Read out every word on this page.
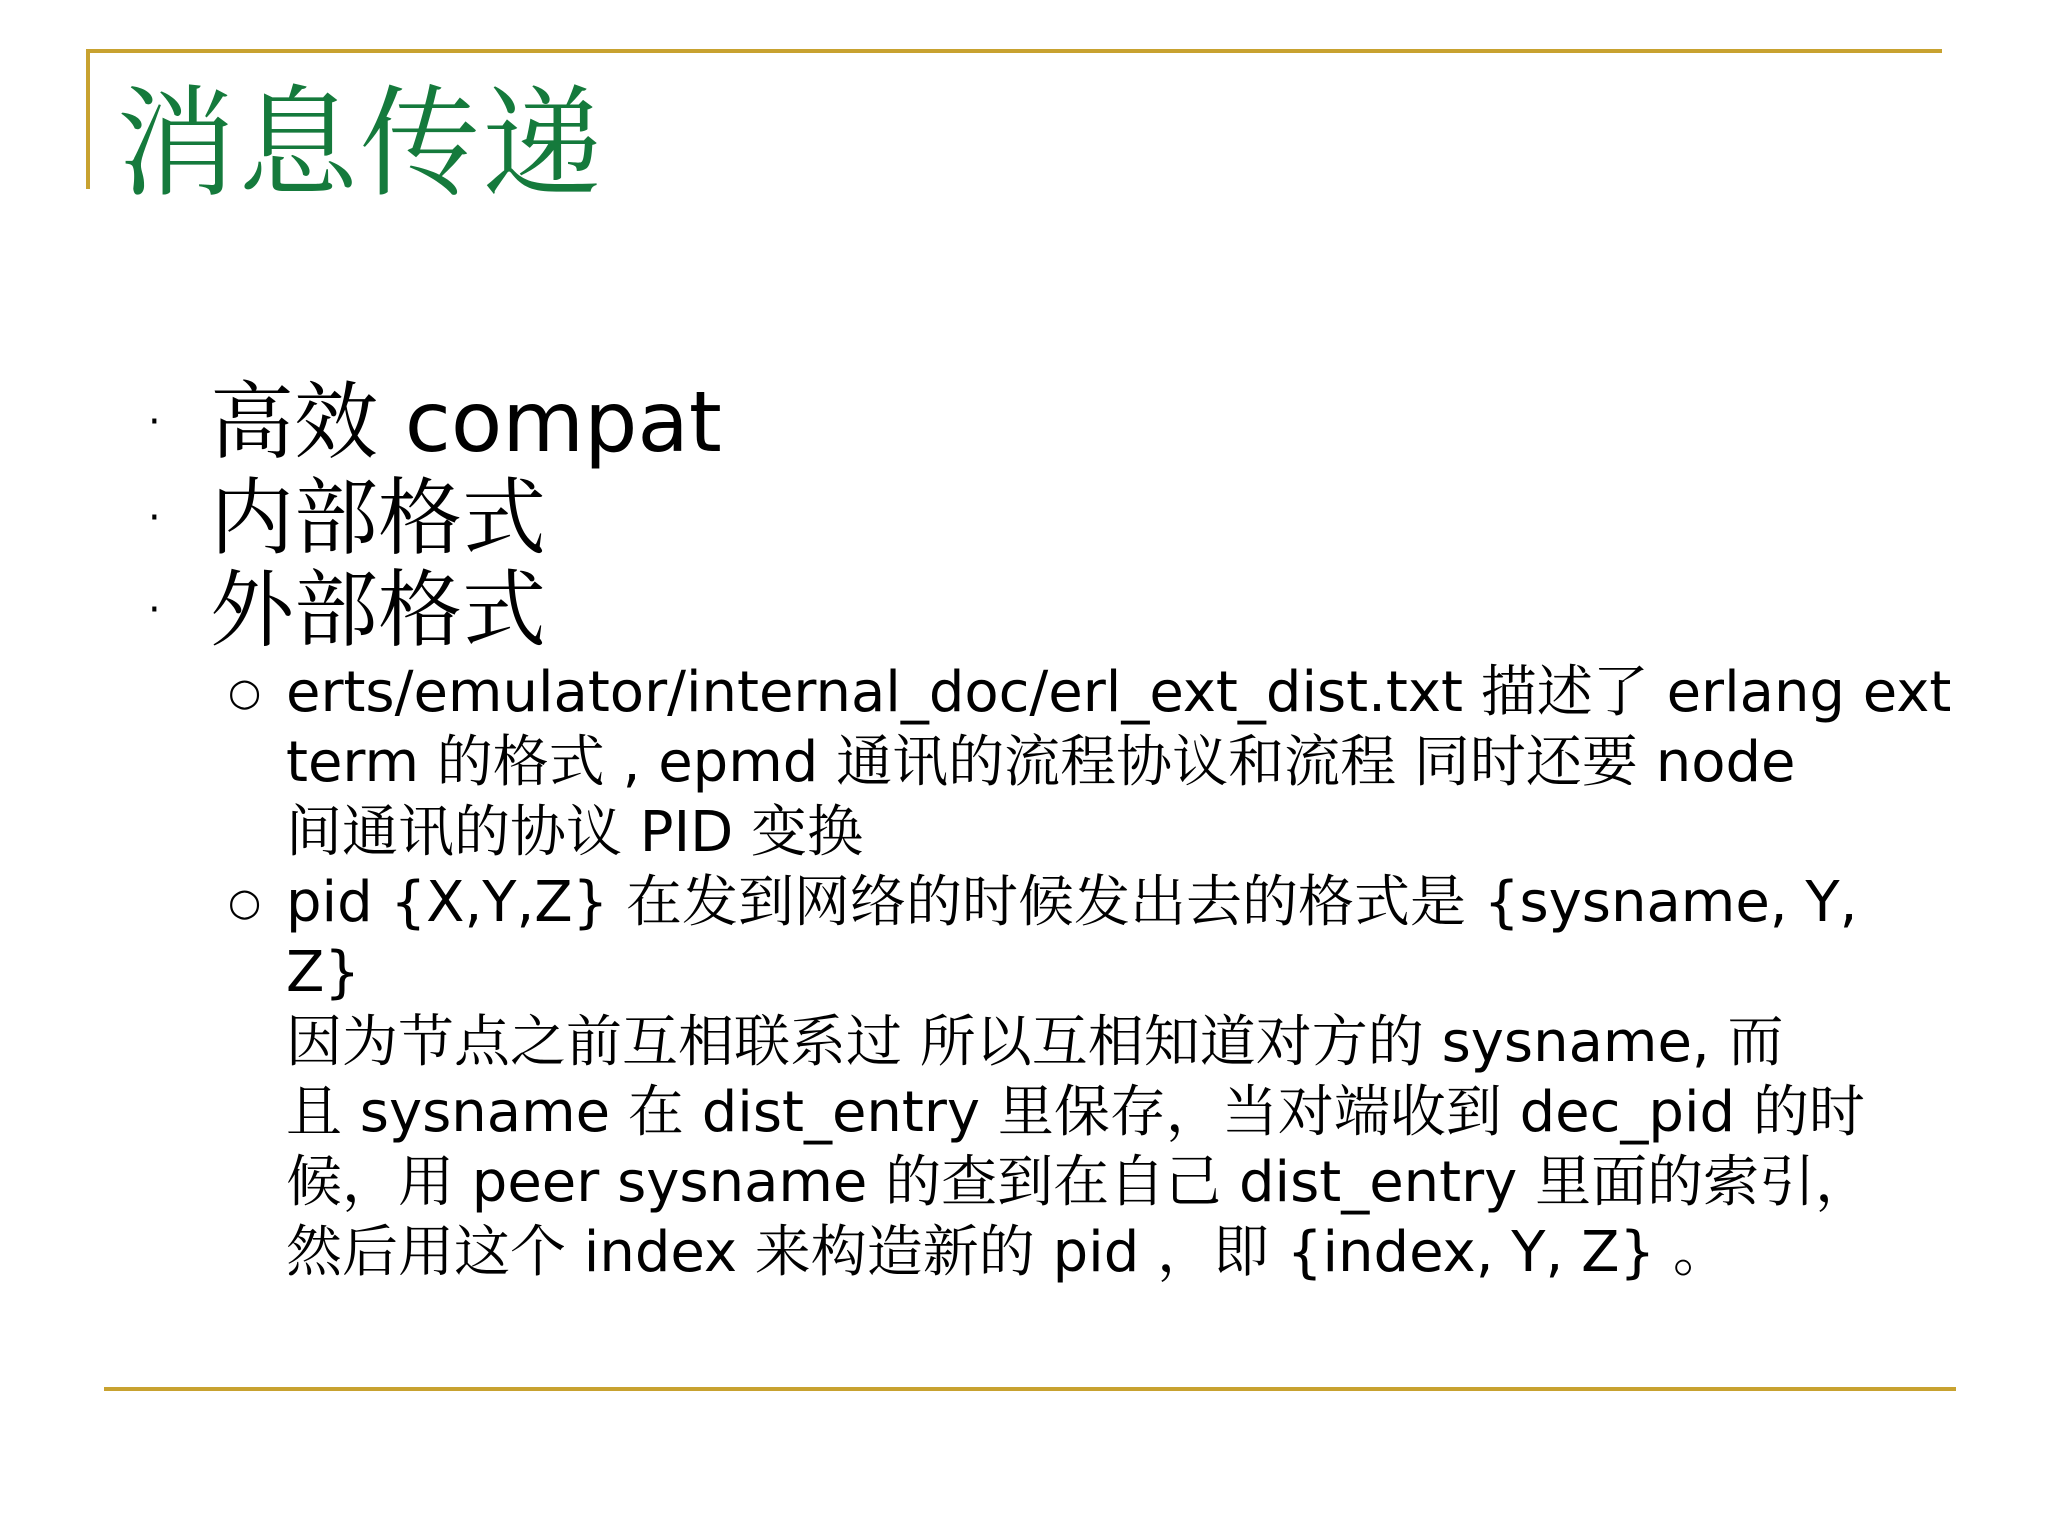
消息传递
· 高效 compat
· 内部格式
· 外部格式
○ erts/emulator/internal_doc/erl_ext_dist.txt 描述了 erlang ext
term 的格式 , epmd 通讯的流程协议和流程 同时还要 node
间通讯的协议 PID 变换
○ pid {X,Y,Z} 在发到网络的时候发出去的格式是 {sysname, Y,
Z}
因为节点之前互相联系过 所以互相知道对方的 sysname, 而
且 sysname 在 dist_entry 里保存，当对端收到 dec_pid 的时
候，用 peer sysname 的查到在自己 dist_entry 里面的索引，
然后用这个 index 来构造新的 pid ，即 {index, Y, Z} 。
